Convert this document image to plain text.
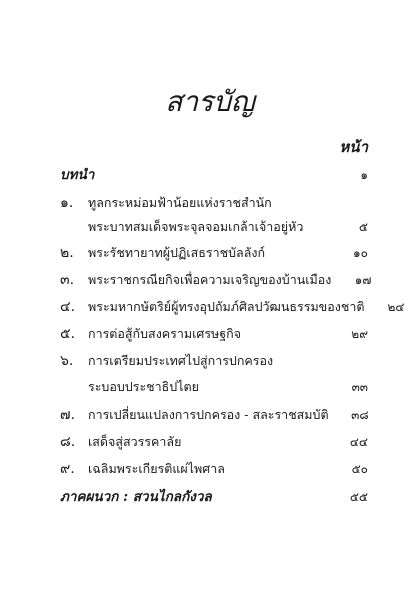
สารบัญ
หน้า
บทนำ	๑
๑.	ทูลกระหม่อมฟ้าน้อยแห่งราชสำนัก
พระบาทสมเด็จพระจุลจอมเกล้าเจ้าอยู่หัว	๕
๒.	พระรัชทายาทผู้ปฏิเสธราชบัลลังก์	๑๐
๓.	พระราชกรณียกิจเพื่อความเจริญของบ้านเมือง	๑๗
๔.	พระมหากษัตริย์ผู้ทรงอุปถัมภ์ศิลปวัฒนธรรมของชาติ	๒๔
๕.	การต่อสู้กับสงครามเศรษฐกิจ	๒๙
๖.	การเตรียมประเทศไปสู่การปกครอง
ระบอบประชาธิปไตย	๓๓
๗.	การเปลี่ยนแปลงการปกครอง - สละราชสมบัติ	๓๘
๘.	เสด็จสู่สวรรคาลัย	๔๔
๙.	เฉลิมพระเกียรติแผ่ไพศาล	๕๐
ภาคผนวก : สวนไกลกังวล	๕๕
